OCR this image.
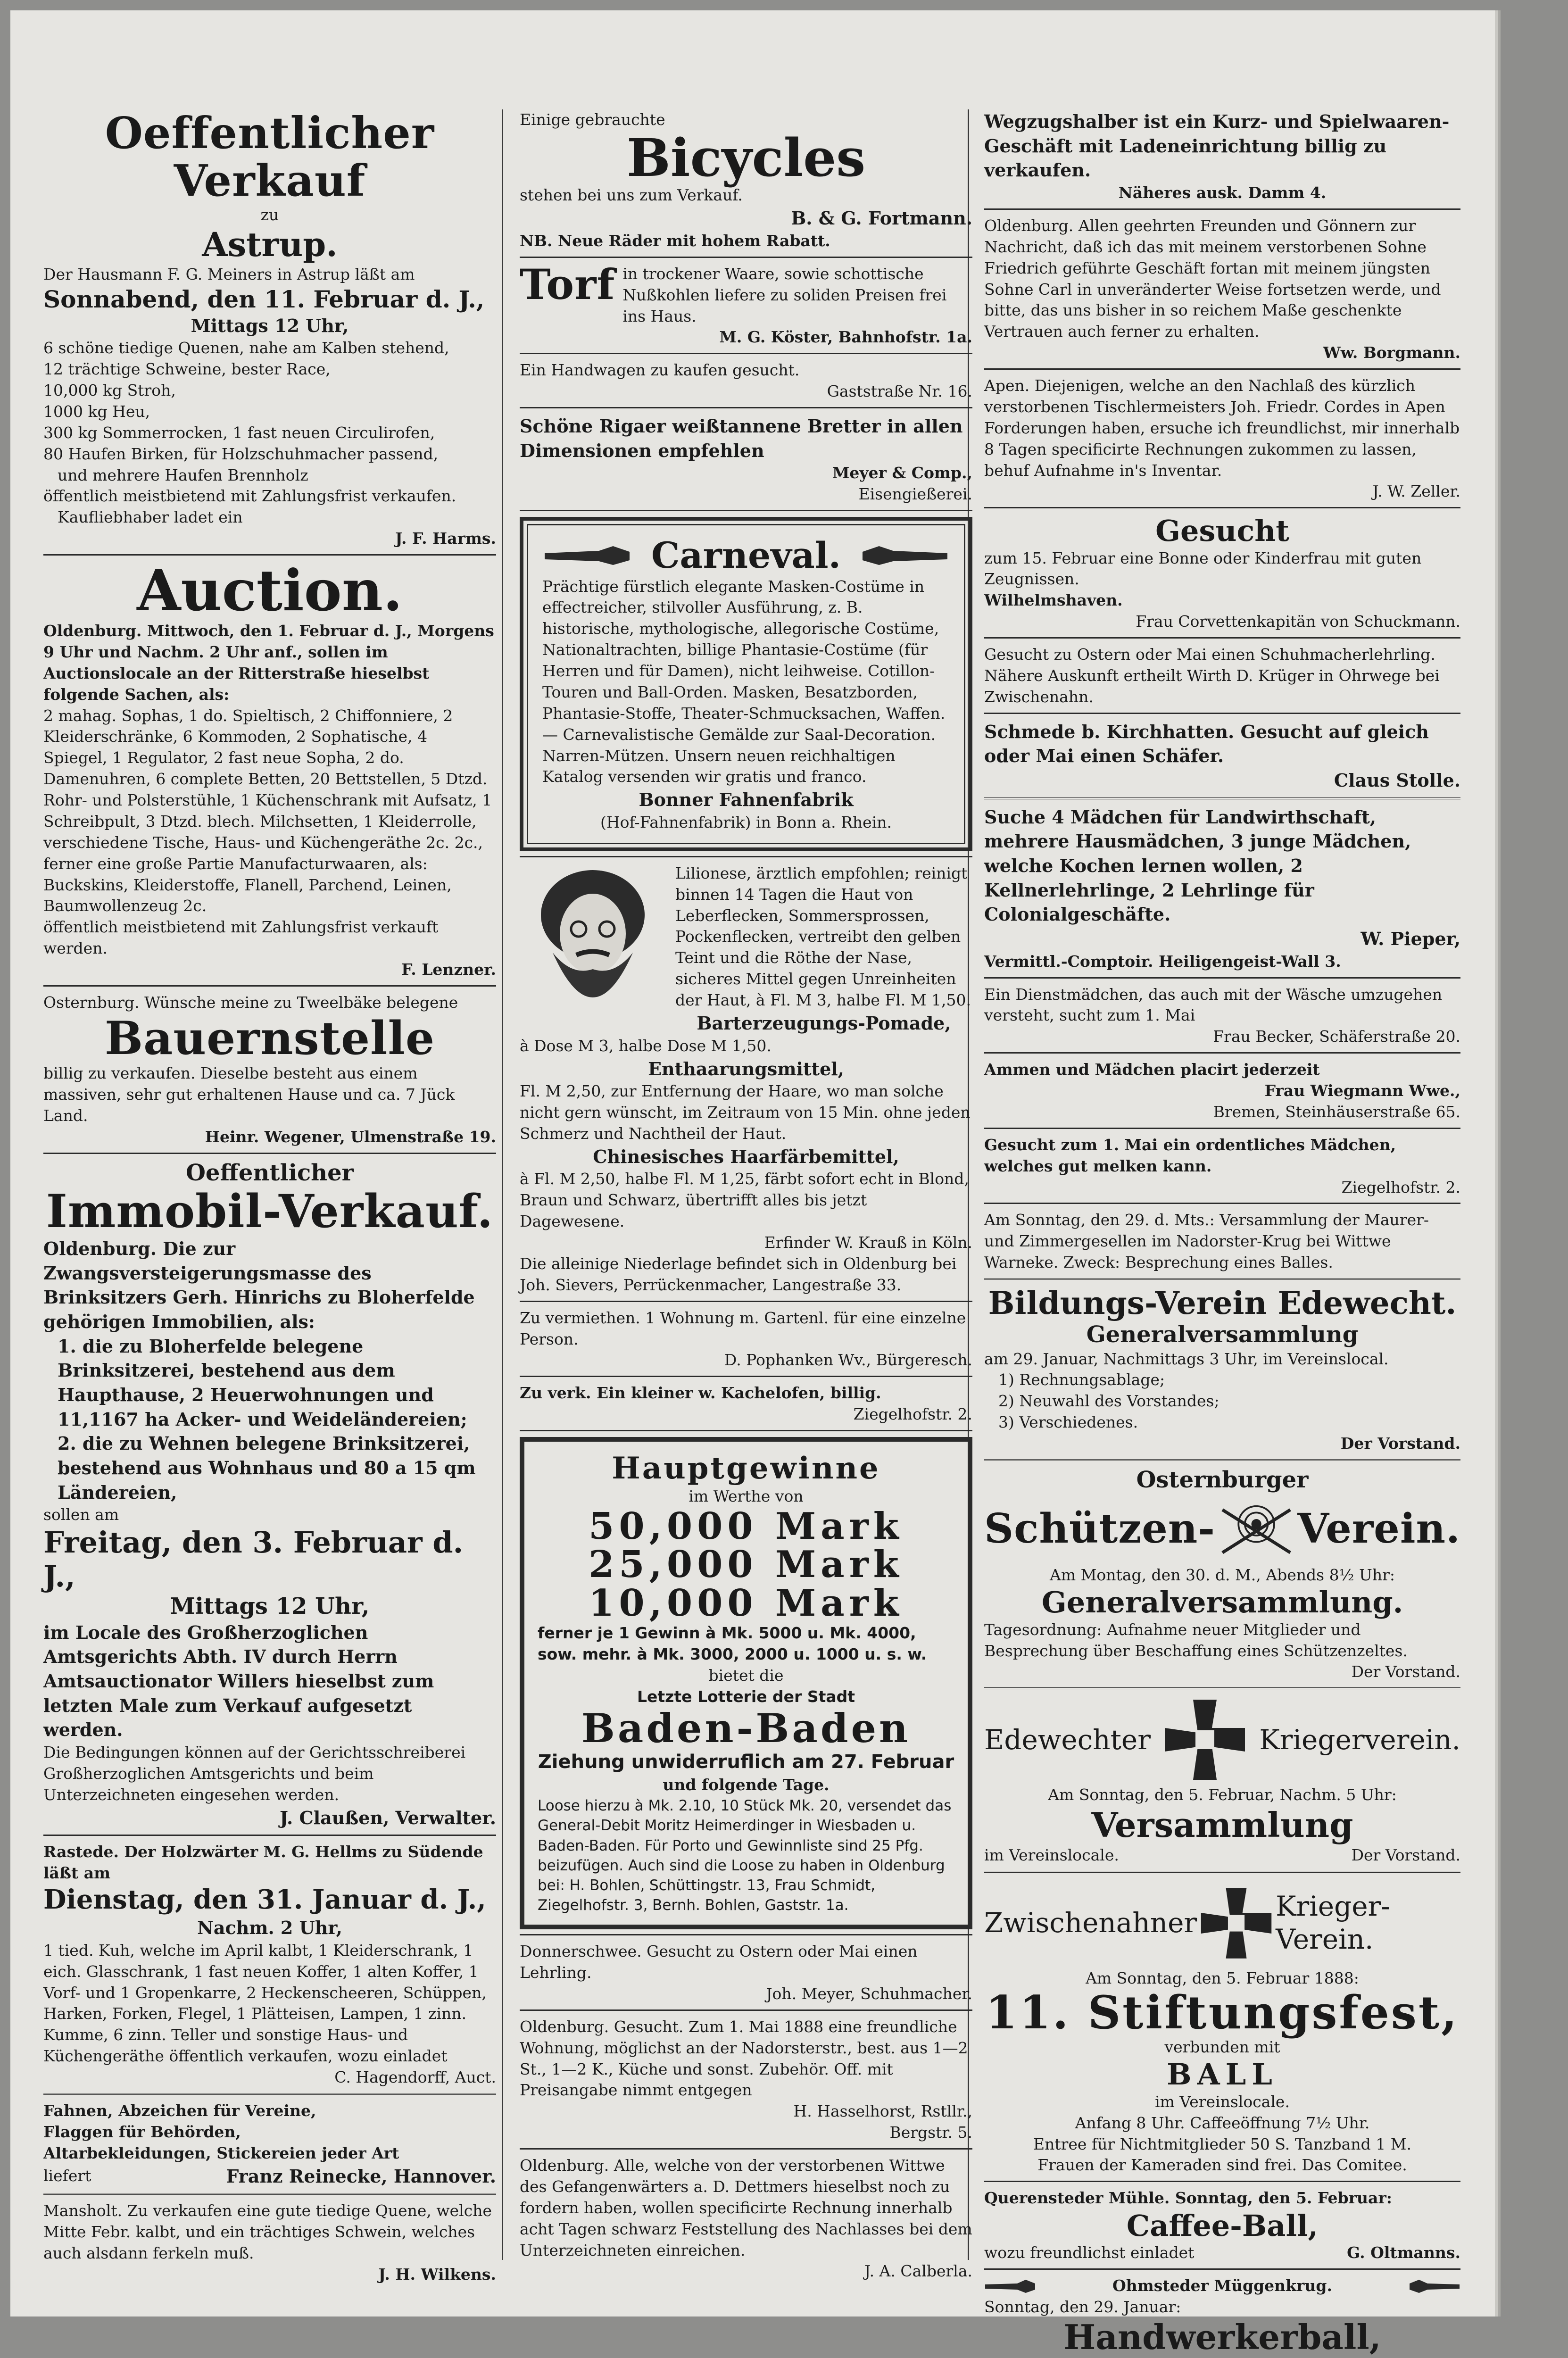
Oeffentlicher Verkauf

zu

Astrup.

Der Hausmann F. G. Meiners in Astrup läßt am

Sonnabend, den 11. Februar d. J.,

Mittags 12 Uhr,

6 schöne tiedige Quenen, nahe am Kalben stehend,

12 trächtige Schweine, bester Race,

10,000 kg Stroh,

1000 kg Heu,

300 kg Sommerrocken, 1 fast neuen Circulirofen,

80 Haufen Birken, für Holzschuhmacher passend,

und mehrere Haufen Brennholz

öffentlich meistbietend mit Zahlungsfrist verkaufen.

Kaufliebhaber ladet ein

J. F. Harms.

Auction.

Oldenburg. Mittwoch, den 1. Februar d. J., Morgens 9 Uhr und Nachm. 2 Uhr anf., sollen im Auctionslocale an der Ritterstraße hieselbst folgende Sachen, als:

2 mahag. Sophas, 1 do. Spieltisch, 2 Chiffonniere, 2 Kleiderschränke, 6 Kommoden, 2 Sophatische, 4 Spiegel, 1 Regulator, 2 fast neue Sopha, 2 do. Damenuhren, 6 complete Betten, 20 Bettstellen, 5 Dtzd. Rohr- und Polsterstühle, 1 Küchenschrank mit Aufsatz, 1 Schreibpult, 3 Dtzd. blech. Milchsetten, 1 Kleiderrolle, verschiedene Tische, Haus- und Küchengeräthe 2c. 2c., ferner eine große Partie Manufacturwaaren, als: Buckskins, Kleiderstoffe, Flanell, Parchend, Leinen, Baumwollenzeug 2c.

öffentlich meistbietend mit Zahlungsfrist verkauft werden.

F. Lenzner.

Osternburg. Wünsche meine zu Tweelbäke belegene

Bauernstelle

billig zu verkaufen. Dieselbe besteht aus einem massiven, sehr gut erhaltenen Hause und ca. 7 Jück Land.

Heinr. Wegener, Ulmenstraße 19.

Oeffentlicher

Immobil-Verkauf.

Oldenburg. Die zur Zwangsversteigerungsmasse des Brinksitzers Gerh. Hinrichs zu Bloherfelde gehörigen Immobilien, als:

1. die zu Bloherfelde belegene Brinksitzerei, bestehend aus dem Haupthause, 2 Heuerwohnungen und 11,1167 ha Acker- und Weideländereien;

2. die zu Wehnen belegene Brinksitzerei, bestehend aus Wohnhaus und 80 a 15 qm Ländereien,

sollen am

Freitag, den 3. Februar d. J.,

Mittags 12 Uhr,

im Locale des Großherzoglichen Amtsgerichts Abth. IV durch Herrn Amtsauctionator Willers hieselbst zum letzten Male zum Verkauf aufgesetzt werden.

Die Bedingungen können auf der Gerichtsschreiberei Großherzoglichen Amtsgerichts und beim Unterzeichneten eingesehen werden.

J. Claußen, Verwalter.

Rastede. Der Holzwärter M. G. Hellms zu Südende läßt am

Dienstag, den 31. Januar d. J.,

Nachm. 2 Uhr,

1 tied. Kuh, welche im April kalbt, 1 Kleiderschrank, 1 eich. Glasschrank, 1 fast neuen Koffer, 1 alten Koffer, 1 Vorf- und 1 Gropenkarre, 2 Heckenscheeren, Schüppen, Harken, Forken, Flegel, 1 Plätteisen, Lampen, 1 zinn. Kumme, 6 zinn. Teller und sonstige Haus- und Küchengeräthe öffentlich verkaufen, wozu einladet

C. Hagendorff, Auct.

Fahnen, Abzeichen für Vereine,

Flaggen für Behörden,

Altarbekleidungen, Stickereien jeder Art

liefert	Franz Reinecke, Hannover.

Mansholt. Zu verkaufen eine gute tiedige Quene, welche Mitte Febr. kalbt, und ein trächtiges Schwein, welches auch alsdann ferkeln muß.

J. H. Wilkens.

Einige gebrauchte

Bicycles

stehen bei uns zum Verkauf.

B. & G. Fortmann.

NB. Neue Räder mit hohem Rabatt.

Torf in trockener Waare, sowie schottische Nußkohlen liefere zu soliden Preisen frei ins Haus.

M. G. Köster, Bahnhofstr. 1a.

Ein Handwagen zu kaufen gesucht.

Gaststraße Nr. 16.

Schöne Rigaer weißtannene Bretter in allen Dimensionen empfehlen

Meyer & Comp.,

Eisengießerei.

Carneval.

Prächtige fürstlich elegante Masken-Costüme in effectreicher, stilvoller Ausführung, z. B. historische, mythologische, allegorische Costüme, Nationaltrachten, billige Phantasie-Costüme (für Herren und für Damen), nicht leihweise. Cotillon-Touren und Ball-Orden. Masken, Besatzborden, Phantasie-Stoffe, Theater-Schmucksachen, Waffen. — Carnevalistische Gemälde zur Saal-Decoration. Narren-Mützen. Unsern neuen reichhaltigen Katalog versenden wir gratis und franco.

Bonner Fahnenfabrik

(Hof-Fahnenfabrik) in Bonn a. Rhein.

Lilionese, ärztlich empfohlen; reinigt binnen 14 Tagen die Haut von Leberflecken, Sommersprossen, Pockenflecken, vertreibt den gelben Teint und die Röthe der Nase, sicheres Mittel gegen Unreinheiten der Haut, à Fl. M 3, halbe Fl. M 1,50.

Barterzeugungs-Pomade,

à Dose M 3, halbe Dose M 1,50.

Enthaarungsmittel,

Fl. M 2,50, zur Entfernung der Haare, wo man solche nicht gern wünscht, im Zeitraum von 15 Min. ohne jeden Schmerz und Nachtheil der Haut.

Chinesisches Haarfärbemittel,

à Fl. M 2,50, halbe Fl. M 1,25, färbt sofort echt in Blond, Braun und Schwarz, übertrifft alles bis jetzt Dagewesene.

Erfinder W. Krauß in Köln.

Die alleinige Niederlage befindet sich in Oldenburg bei Joh. Sievers, Perrückenmacher, Langestraße 33.

Zu vermiethen. 1 Wohnung m. Gartenl. für eine einzelne Person.

D. Pophanken Wv., Bürgeresch.

Zu verk. Ein kleiner w. Kachelofen, billig.

Ziegelhofstr. 2.

Hauptgewinne

im Werthe von

50,000 Mark

25,000 Mark

10,000 Mark

ferner je 1 Gewinn à Mk. 5000 u. Mk. 4000,

sow. mehr. à Mk. 3000, 2000 u. 1000 u. s. w.

bietet die

Letzte Lotterie der Stadt

Baden-Baden

Ziehung unwiderruflich am 27. Februar

und folgende Tage.

Loose hierzu à Mk. 2.10, 10 Stück Mk. 20, versendet das General-Debit Moritz Heimerdinger in Wiesbaden u. Baden-Baden. Für Porto und Gewinnliste sind 25 Pfg. beizufügen. Auch sind die Loose zu haben in Oldenburg bei: H. Bohlen, Schüttingstr. 13, Frau Schmidt, Ziegelhofstr. 3, Bernh. Bohlen, Gaststr. 1a.

Donnerschwee. Gesucht zu Ostern oder Mai einen Lehrling.

Joh. Meyer, Schuhmacher.

Oldenburg. Gesucht. Zum 1. Mai 1888 eine freundliche Wohnung, möglichst an der Nadorsterstr., best. aus 1—2 St., 1—2 K., Küche und sonst. Zubehör. Off. mit Preisangabe nimmt entgegen

H. Hasselhorst, Rstllr.,

Bergstr. 5.

Oldenburg. Alle, welche von der verstorbenen Wittwe des Gefangenwärters a. D. Dettmers hieselbst noch zu fordern haben, wollen specificirte Rechnung innerhalb acht Tagen schwarz Feststellung des Nachlasses bei dem Unterzeichneten einreichen.

J. A. Calberla.

Wegzugshalber ist ein Kurz- und Spielwaaren-Geschäft mit Ladeneinrichtung billig zu verkaufen.

Näheres ausk. Damm 4.

Oldenburg. Allen geehrten Freunden und Gönnern zur Nachricht, daß ich das mit meinem verstorbenen Sohne Friedrich geführte Geschäft fortan mit meinem jüngsten Sohne Carl in unveränderter Weise fortsetzen werde, und bitte, das uns bisher in so reichem Maße geschenkte Vertrauen auch ferner zu erhalten.

Ww. Borgmann.

Apen. Diejenigen, welche an den Nachlaß des kürzlich verstorbenen Tischlermeisters Joh. Friedr. Cordes in Apen Forderungen haben, ersuche ich freundlichst, mir innerhalb 8 Tagen specificirte Rechnungen zukommen zu lassen, behuf Aufnahme in's Inventar.

J. W. Zeller.

Gesucht

zum 15. Februar eine Bonne oder Kinderfrau mit guten Zeugnissen.

Wilhelmshaven.

Frau Corvettenkapitän von Schuckmann.

Gesucht zu Ostern oder Mai einen Schuhmacherlehrling. Nähere Auskunft ertheilt Wirth D. Krüger in Ohrwege bei Zwischenahn.

Schmede b. Kirchhatten. Gesucht auf gleich oder Mai einen Schäfer.

Claus Stolle.

Suche 4 Mädchen für Landwirthschaft, mehrere Hausmädchen, 3 junge Mädchen, welche Kochen lernen wollen, 2 Kellnerlehrlinge, 2 Lehrlinge für Colonialgeschäfte.

W. Pieper,

Vermittl.-Comptoir. Heiligengeist-Wall 3.

Ein Dienstmädchen, das auch mit der Wäsche umzugehen versteht, sucht zum 1. Mai

Frau Becker, Schäferstraße 20.

Ammen und Mädchen placirt jederzeit

Frau Wiegmann Wwe.,

Bremen, Steinhäuserstraße 65.

Gesucht zum 1. Mai ein ordentliches Mädchen, welches gut melken kann.

Ziegelhofstr. 2.

Am Sonntag, den 29. d. Mts.: Versammlung der Maurer- und Zimmergesellen im Nadorster-Krug bei Wittwe Warneke. Zweck: Besprechung eines Balles.

Bildungs-Verein Edewecht.

Generalversammlung

am 29. Januar, Nachmittags 3 Uhr, im Vereinslocal.

1) Rechnungsablage;

2) Neuwahl des Vorstandes;

3) Verschiedenes.

Der Vorstand.

Osternburger

Schützen- Verein.

Am Montag, den 30. d. M., Abends 8½ Uhr:

Generalversammlung.

Tagesordnung: Aufnahme neuer Mitglieder und Besprechung über Beschaffung eines Schützenzeltes.

Der Vorstand.

Edewechter	Kriegerverein.

Am Sonntag, den 5. Februar, Nachm. 5 Uhr:

Versammlung

im Vereinslocale.	Der Vorstand.
Zwischenahner
Krieger-Verein.

Am Sonntag, den 5. Februar 1888:

11. Stiftungsfest,

verbunden mit

BALL

im Vereinslocale.

Anfang 8 Uhr. Caffeeöffnung 7½ Uhr.

Entree für Nichtmitglieder 50 S. Tanzband 1 M.

Frauen der Kameraden sind frei. Das Comitee.

Querensteder Mühle. Sonntag, den 5. Februar:

Caffee-Ball,

wozu freundlichst einladet	G. Oltmanns.
Ohmsteder Müggenkrug.

Sonntag, den 29. Januar:

Handwerkerball,
